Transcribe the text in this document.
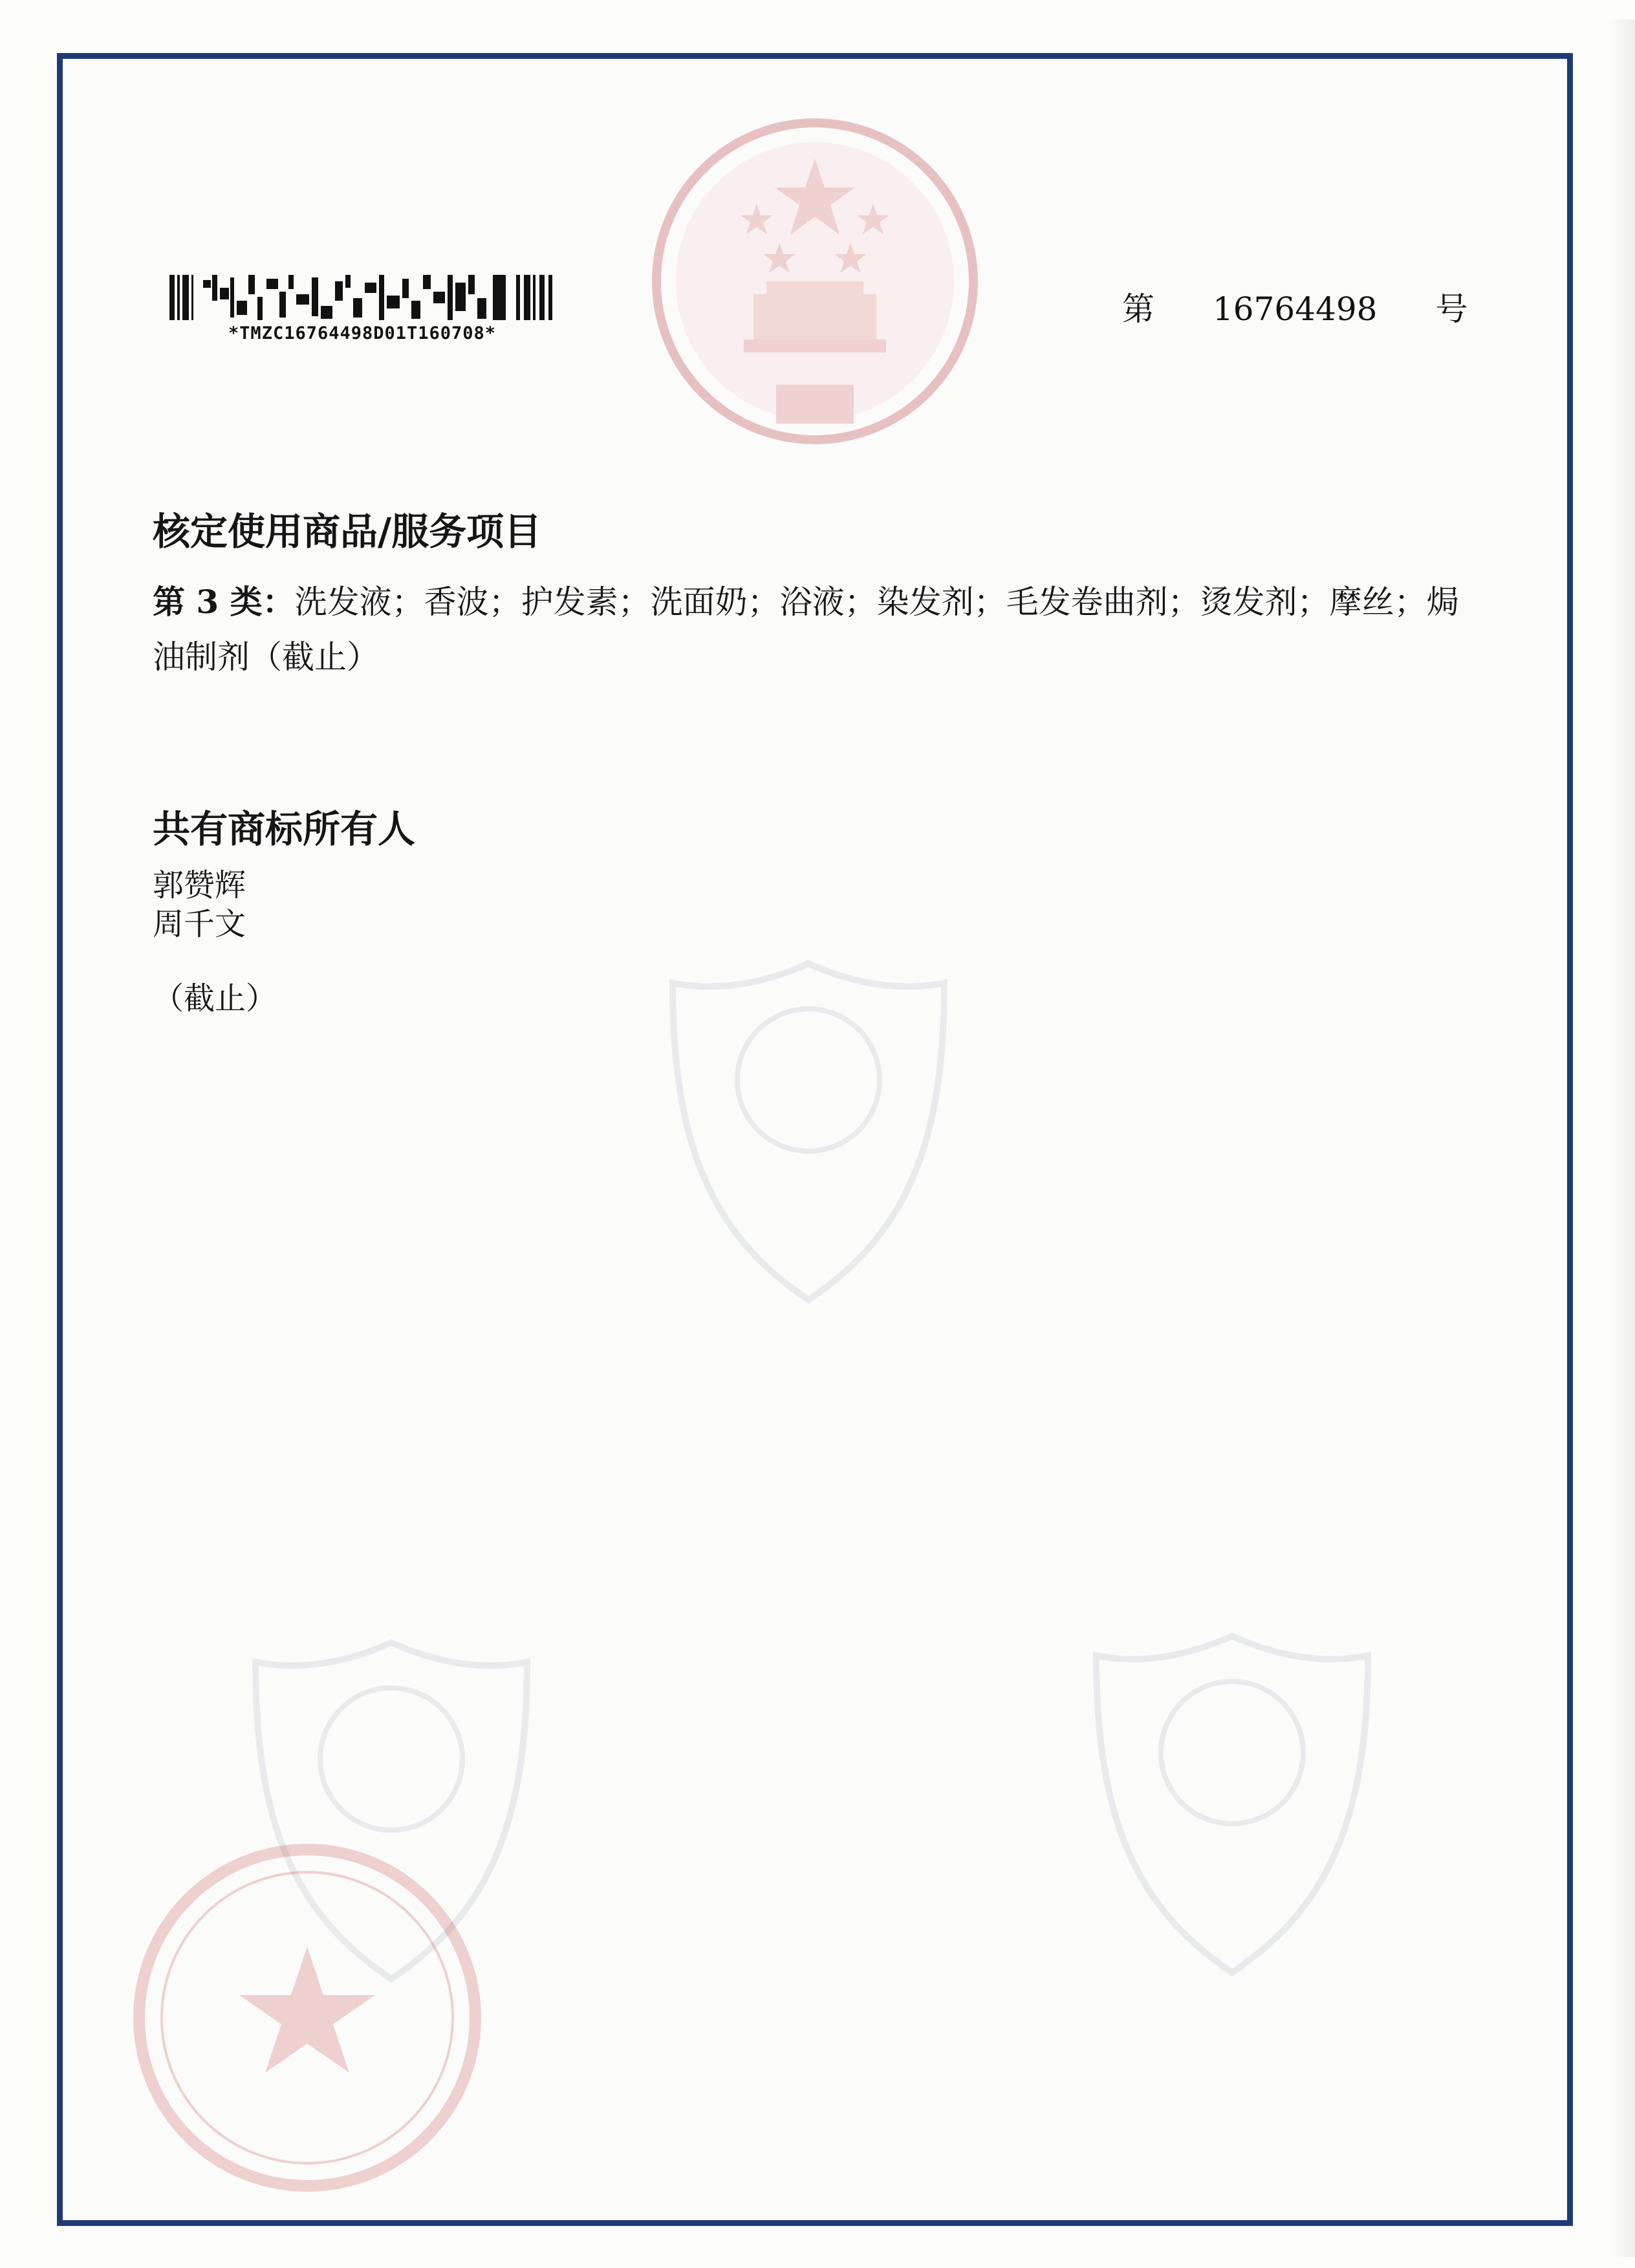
*TMZC16764498D01T160708*
第 16764498 号
核定使用商品/服务项目
第 3 类：洗发液；香波；护发素；洗面奶；浴液；染发剂；毛发卷曲剂；烫发剂；摩丝；焗油制剂（截止）
共有商标所有人
郭赞辉
周千文
（截止）
